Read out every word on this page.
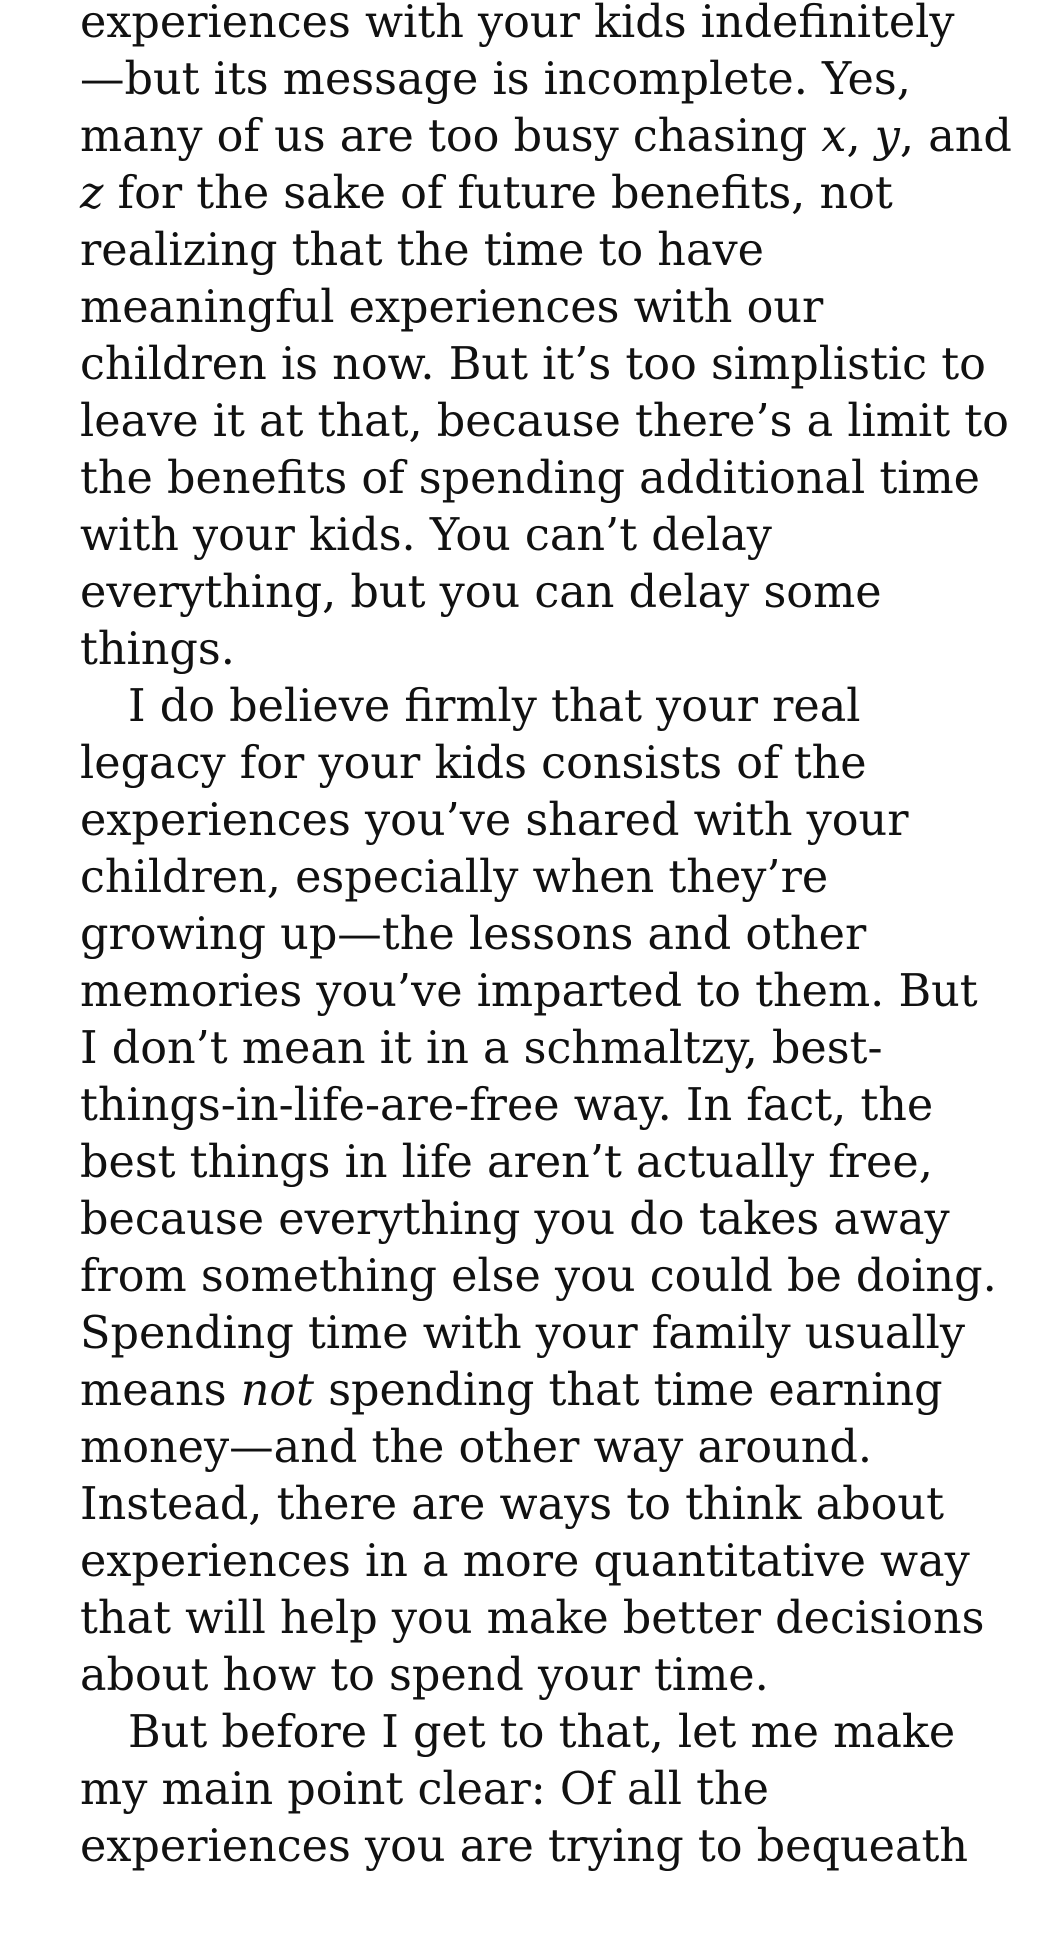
experiences with your kids indefinitely
—but its message is incomplete. Yes,
many of us are too busy chasing x, y, and
z for the sake of future benefits, not
realizing that the time to have
meaningful experiences with our
children is now. But it’s too simplistic to
leave it at that, because there’s a limit to
the benefits of spending additional time
with your kids. You can’t delay
everything, but you can delay some
things.
I do believe firmly that your real
legacy for your kids consists of the
experiences you’ve shared with your
children, especially when they’re
growing up—the lessons and other
memories you’ve imparted to them. But
I don’t mean it in a schmaltzy, best-
things-in-life-are-free way. In fact, the
best things in life aren’t actually free,
because everything you do takes away
from something else you could be doing.
Spending time with your family usually
means not spending that time earning
money—and the other way around.
Instead, there are ways to think about
experiences in a more quantitative way
that will help you make better decisions
about how to spend your time.
But before I get to that, let me make
my main point clear: Of all the
experiences you are trying to bequeath
